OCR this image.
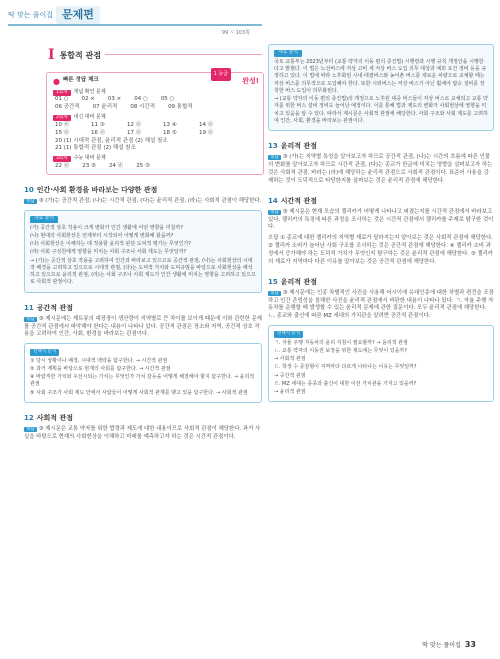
딱 맞는 풀이집 문제편
99 ~ 103쪽
I 통합적 관점
1 등급
완성!
● 빠른 정답 체크
1회차	개념 확인 문제
01 ○ 02 × 03 × 04 ○ 05 ○
06 공간적 07 윤리적 08 시간적 09 통합적
2회차	내신 대비 문제
10 ⓓ	11 ③	12 ⓓ	13 ④	14 ⓓ
15 ⓓ	16 ⓓ	17 ⓓ	18 ⑤	19 ⓓ
20 (1) 시대적 관점, 윤리적 관점 (2) 해설 참조
21 (1) 통합적 관점 (2) 해설 참조
3회차	수능 대비 문제
22 ⓓ 23 ⑤ 24 ⓓ 25 ③
10 인간·사회 환경을 바라보는 다양한 관점
정답 ③ (가)는 공간적 관점, (나)는 시간적 관점, (다)는 윤리적 관점, (라)는 사회적 관점이 해당한다.
자료 분석

(가) 공간적 상호 작용이 크게 변화가 인간 생활에 어떤 영향을 미칠까?

(나) 현대의 사회현상은 언제부터 시작되어 어떻게 변화해 왔을까?

(다) 사회현상은 이해하는 데 적용할 윤리적 판단 도덕적 평가는 무엇인가?

(라) 사회 구성원에게 영향을 미치는 사회 구조나 사회 제도는 무엇일까?

→ (가)는 공간적 상호 작용을 고려하여 인간과 바라보고 있으므로 공간적 관점, (나)는 사회현상의 시대적 배경을 고려하고 있으므로 시대적 관점, (다)는 도덕적 가치와 도덕규범을 바탕으로 사회현상을 해석하고 있으므로 윤리적 관점, (라)는 사회 구조나 사회 제도가 인간 생활에 미치는 영향을 고려하고 있으므로 사회적 관점이다.

11 공간적 관점
정답 ③ 제시문에는 제트류의 대장장이 생산량이 지역별로 큰 차이를 보이게 때문에 이와 관련한 문제를 공간적 관점에서 파악해야 한다는 내용이 나타나 있다. 공간적 관점은 장소와 지역, 공간적 상호 작용을 고려하여 인간, 사회, 환경을 바라보는 관점이다.
선택지 분석

① 당시 상황이나 배경, 시대적 맥락을 탐구한다. → 시간적 관점

② 과거 계획을 바탕으로 현재의 사회를 탐구한다. → 시간적 관점

④ 바람직한 가치와 우선시되는 가치는 무엇인가 가치 갈등을 어떻게 해결해야 할지 탐구한다. → 윤리적 관점

⑤ 사회 구조가 사회 제도 안에서 사람들이 어떻게 사회적 관계를 맺고 있을 탐구한다. → 사회적 관점

12 사회적 관점
정답 ③ 제시문은 교통 약자를 위한 법령과 제도에 대한 내용이므로 사회적 관점이 해당한다. 과거 사실을 바탕으로 현재의 사회현상을 이해하고 미래를 예측하고자 하는 것은 시간적 관점이다.
자료 분석

국토 교통부는 2023년부터 (교통 약자의 이동 편의 증진법) 시행령과 시행 규칙 개정안을 시행한다고 밝혔다. 이 법은 노선버스에 저상 고비 세 저상 버스 도입 의무 대상과 예외 요건 정비 등을 규정하고 있다. 이 법에 따라 노후화된 시내·대절버스와 농어촌 버스를 새로운 차량으로 교체할 때는 저상 버스를 의무적으로 도입해야 한다. 또한 시외버스는 저상 버스가 아닌 휠체어 탑승 설비를 장착한 버스 도입이 의무화된다.

→ (교통 약자의 이동 편의 증진법)의 개정으로 노후된 대중 버스들이 저상 버스로 교체되고 교통 약자를 위한 버스 설비 정비도 늘어난 예정이다. 이를 통해 법과 제도의 변화가 사회현상에 영향을 미치고 있음을 알 수 있다. 따라서 제시문은 사회적 관점에 해당한다. 사회 구조와 사회 제도를 고려하여 인간, 사회, 환경을 바라보는 관점이다.

13 윤리적 관점
정답 ③ (가)는 지역별 특성을 알아보고자 하므로 공간적 관점, (나)는 시간의 흐름에 따른 인물의 변화를 알아보고자 하므로 시간적 관점, (다)는 종교가 한글에 미치는 영향을 살펴보고자 하는 것은 사회적 관점, 바라는 (라)에 해당하는 윤리적 관점으로 사회적 관점이다. 표준어 사용을 강제하는 것이 도덕적으로 타당한지를 살펴보는 것은 윤리적 관점에 해당한다.
14 시간적 관점
정답 ③ 제시문은 현재 모습의 젤리카가 어떻게 나타나고 퍼졌는지를 시간적 관점에서 바라보고 있다. 젤리카의 특징에 따른 과정을 조사하는 것은 시간적 관점에서 젤리카를 주제로 탐구한 것이다.
오답 ① 종교에 대한 젤리카의 지역별 재료가 달라지는지 알아보는 것은 사회적 관점에 해당한다. ② 젤리카 소비가 늘어난 사회 구조를 조사하는 것은 공간적 관점에 해당한다. ④ 젤리카 소비 과정에서 증가해야 하는 도덕적 가치가 무엇인지 탐구하는 것은 윤리적 관점에 해당한다. ⑤ 젤리카의 재료가 지역마다 다른 이유를 알아보는 것은 공간적 관점에 해당한다.
15 윤리적 관점
정답 ③ 제시문에는 인종 차별적인 사진을 사용해 어시이에 유대인종에 대한 차별과 편견을 조장하고 인간 존엄성을 침해한 사진을 윤리적 관점에서 비판한 내용이 나타나 있다. ㄱ. 자율 주행 자동차를 운행할 때 발생할 수 있는 윤리적 문제에 관한 질문이다. 모두 윤리적 관점에 해당한다. ㄴ, 종교와 출신에 따른 MZ 세대의 가치관을 알려면 공간적 관점이다.
선택지 분석

ㄱ. 자율 주행 자동차의 윤리 지침이 필요할까? → 윤리적 관점

ㄴ. 교통 약자의 이동권 보장을 위한 제도에는 무엇이 있을까?

→ 사회적 관점

ㄷ. 학생 수 증감형이 지역마다 다르게 나타나는 이유는 무엇일까?

→ 공간적 관점

ㄹ. MZ 세대는 종종과 출신이 대한 이전 가치관을 가지고 있을까?

→ 윤리적 관점

딱 맞는 풀이집 33
